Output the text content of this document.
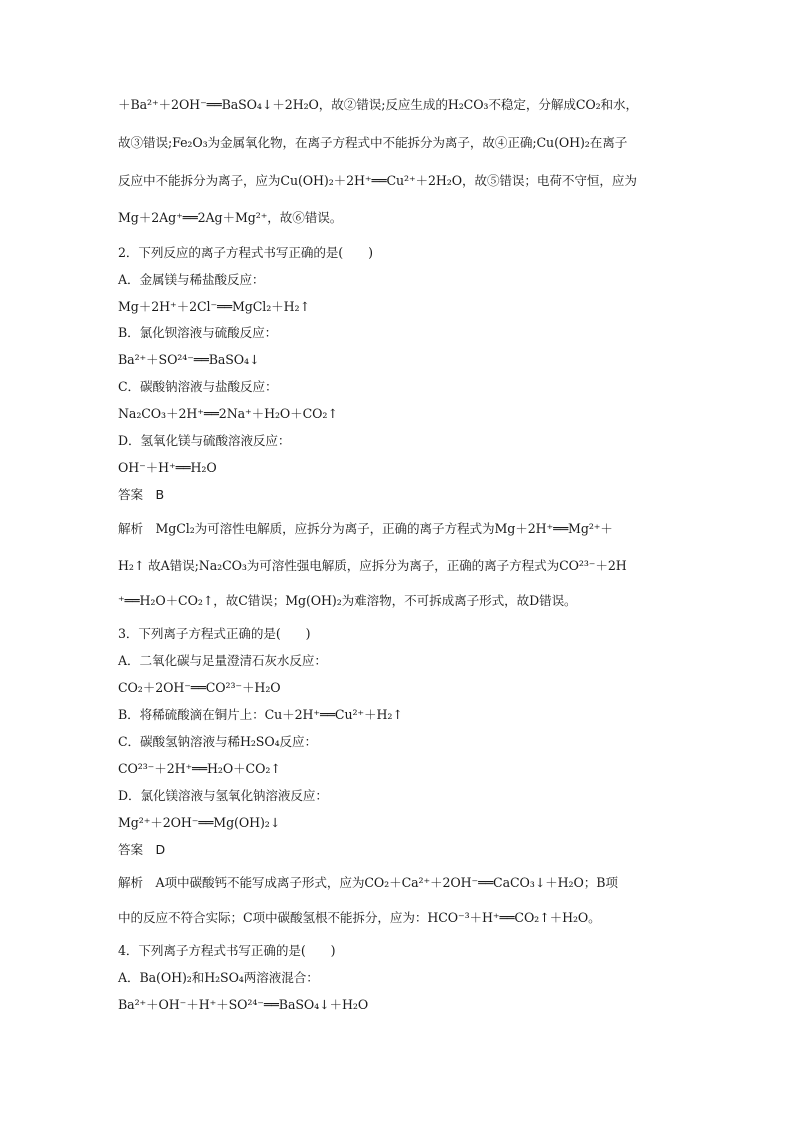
＋Ba²⁺＋2OH⁻══BaSO₄↓＋2H₂O，故②错误;反应生成的H₂CO₃不稳定，分解成CO₂和水，
故③错误;Fe₂O₃为金属氧化物，在离子方程式中不能拆分为离子，故④正确;Cu(OH)₂在离子
反应中不能拆分为离子，应为Cu(OH)₂＋2H⁺══Cu²⁺＋2H₂O，故⑤错误；电荷不守恒，应为
Mg＋2Ag⁺══2Ag＋Mg²⁺，故⑥错误。
2．下列反应的离子方程式书写正确的是(　　)
A．金属镁与稀盐酸反应：
Mg＋2H⁺＋2Cl⁻══MgCl₂＋H₂↑
B．氯化钡溶液与硫酸反应：
Ba²⁺＋SO²⁴⁻══BaSO₄↓
C．碳酸钠溶液与盐酸反应：
Na₂CO₃＋2H⁺══2Na⁺＋H₂O＋CO₂↑
D．氢氧化镁与硫酸溶液反应：
OH⁻＋H⁺══H₂O
答案　B
解析　MgCl₂为可溶性电解质，应拆分为离子，正确的离子方程式为Mg＋2H⁺══Mg²⁺＋
H₂↑ 故A错误;Na₂CO₃为可溶性强电解质，应拆分为离子，正确的离子方程式为CO²³⁻＋2H
⁺══H₂O＋CO₂↑，故C错误；Mg(OH)₂为难溶物，不可拆成离子形式，故D错误。
3．下列离子方程式正确的是(　　)
A．二氧化碳与足量澄清石灰水反应：
CO₂＋2OH⁻══CO²³⁻＋H₂O
B．将稀硫酸滴在铜片上：Cu＋2H⁺══Cu²⁺＋H₂↑
C．碳酸氢钠溶液与稀H₂SO₄反应：
CO²³⁻＋2H⁺══H₂O＋CO₂↑
D．氯化镁溶液与氢氧化钠溶液反应：
Mg²⁺＋2OH⁻══Mg(OH)₂↓
答案　D
解析　A项中碳酸钙不能写成离子形式，应为CO₂＋Ca²⁺＋2OH⁻══CaCO₃↓＋H₂O；B项
中的反应不符合实际；C项中碳酸氢根不能拆分，应为：HCO⁻³＋H⁺══CO₂↑＋H₂O。
4．下列离子方程式书写正确的是(　　)
A．Ba(OH)₂和H₂SO₄两溶液混合：
Ba²⁺＋OH⁻＋H⁺＋SO²⁴⁻══BaSO₄↓＋H₂O
